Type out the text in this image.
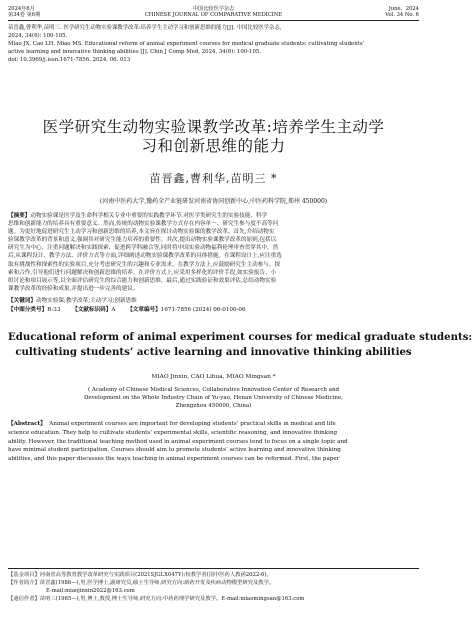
2024年6月
第34卷 第6期
中国比较医学杂志
CHINESE JOURNAL OF COMPARATIVE MEDICINE
June，2024
Vol. 34 No. 6
苗晋鑫,曹利华,苗明三. 医学研究生动物实验课教学改革:培养学生主动学习和创新思维的能力[J]. 中国比较医学杂志,
2024, 34(6): 100-105.
Miao JX, Cao LH, Miao MS. Educational reform of animal experiment courses for medical graduate students: cultivating students’
active learning and innovative thinking abilities [J]. Chin J Comp Med, 2024, 34(6): 100-105.
doi: 10.3969/j.issn.1671-7856. 2024. 06. 013
医学研究生动物实验课教学改革:培养学生主动学
习和创新思维的能力
苗晋鑫,曹利华,苗明三 *
(河南中医药大学,豫药全产业链研发河南省协同创新中心,中医药科学院,郑州 450000)
【摘要】动物实验课是医学及生命科学相关专业中重要的实践教学环节,对医学类研究生的实验技能、科学
思维和创新能力的培养具有重要意义。然而,传统的动物实验课教学方式存在内容单一、研究生参与度不高等问
题。为更好地促进研究生主动学习和创新思维的培养,本文旨在探讨动物实验课的教学改革。首先,介绍动物实
验课教学改革的背景和意义,强调其对研究生能力培养的重要性。其次,提出动物实验课教学改革的原则,包括以
研究生为中心、注重问题解决和实践探索、促进跨学科融合等,同时将中国实验动物福利伦理审查贯穿其中。然
后,从课程设计、教学方法、评价方式等方面,详细阐述动物实验课教学改革的具体措施。在课程设计上,应注重选
取有挑战性和探索性的实验项目,充分考虑研究生的兴趣和专业需求。在教学方法上,应鼓励研究生主动参与、探
索和合作,引导他们进行问题解决和创新思维的培养。在评价方式上,应采用多样化的评价手段,如实验报告、小
组讨论和项目展示等,以全面评估研究生的综合能力和创新思维。最后,通过实践验证和效果评估,总结动物实验
课教学改革的经验和成果,并提出进一步完善的建议。
【关键词】动物实验课;教学改革;主动学习;创新思维
【中图分类号】R-33 【文献标识码】A 【文章编号】1671-7856 (2024) 06-0100-06
Educational reform of animal experiment courses for medical graduate students:
cultivating students’ active learning and innovative thinking abilities
MIAO Jinxin, CAO Lihua, MIAO Mingsan *
( Academy of Chinese Medical Sciences, Collaborative Innovation Center of Research and
Development on the Whole Industry Chain of Yu-yao, Henan University of Chinese Medicine,
Zhengzhou 450000, China)
【Abstract】 Animal experiment courses are important for developing students’ practical skills in medical and life
science education. They help to cultivate students’ experimental skills, scientific reasoning, and innovative thinking
ability. However, the traditional teaching method used in animal experiment courses tend to focus on a single topic and
have minimal student participation. Courses should aim to promote students’ active learning and innovative thinking
abilities, and this paper discusses the ways teaching in animal experiment courses can be reformed. First, the paper
【基金项目】河南省高等教育教学改革研究与实践项目(2021SJGLX047Y);校教学者(国中医药人教函2022-6)。
【作者简介】苗晋鑫(1986—),男,医学博士,副研究员,硕士生导师,研究方向:新药开发及疾病动物模型研究及教学。
E-mail:miaojinxin2022@163.com
【通信作者】苗明三(1965—),男,博士,教授,博士生导师,研究方向:中药药理学研究及教学。E-mail:miaomingsan@163.com
